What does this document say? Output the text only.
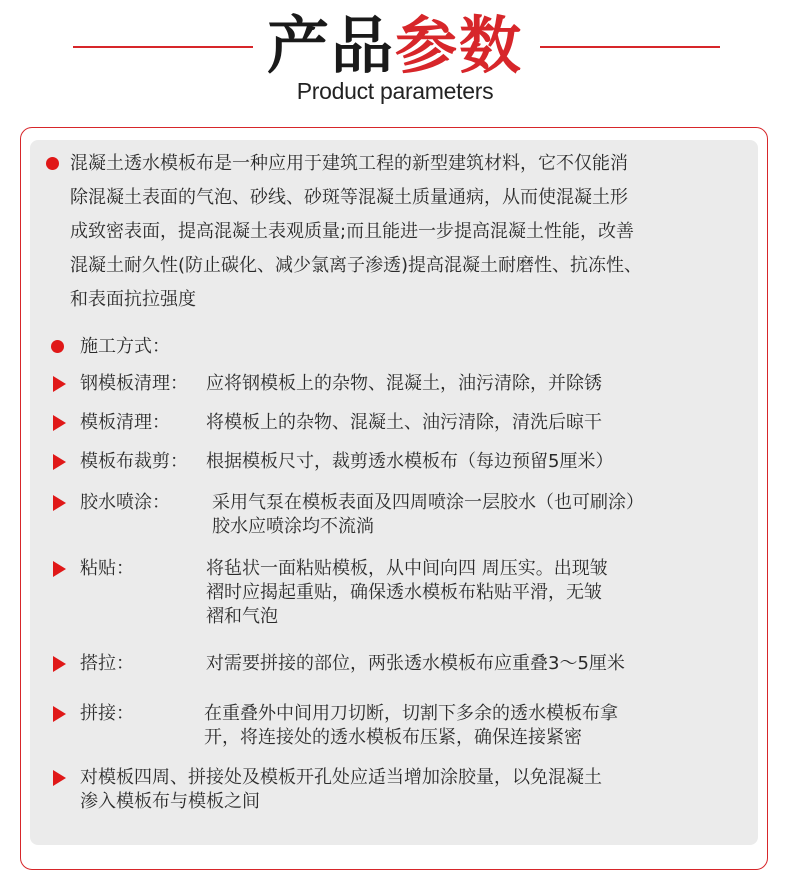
产品参数
Product parameters
混凝土透水模板布是一种应用于建筑工程的新型建筑材料，它不仅能消
除混凝土表面的气泡、砂线、砂斑等混凝土质量通病，从而使混凝土形
成致密表面，提高混凝土表观质量;而且能进一步提高混凝土性能，改善
混凝土耐久性(防止碳化、减少氯离子渗透)提高混凝土耐磨性、抗冻性、
和表面抗拉强度
施工方式：
钢模板清理： 应将钢模板上的杂物、混凝土，油污清除，并除锈
模板清理： 将模板上的杂物、混凝土、油污清除，清洗后晾干
模板布裁剪： 根据模板尺寸，裁剪透水模板布（每边预留5厘米）
胶水喷涂： 采用气泵在模板表面及四周喷涂一层胶水（也可刷涂）
胶水应喷涂均不流淌
粘贴：	将毡状一面粘贴模板，从中间向四 周压实。出现皱
褶时应揭起重贴，确保透水模板布粘贴平滑，无皱
褶和气泡
搭拉：	对需要拼接的部位，两张透水模板布应重叠3～5厘米
拼接：	在重叠外中间用刀切断，切割下多余的透水模板布拿
开，将连接处的透水模板布压紧，确保连接紧密
对模板四周、拼接处及模板开孔处应适当增加涂胶量，以免混凝土
渗入模板布与模板之间
